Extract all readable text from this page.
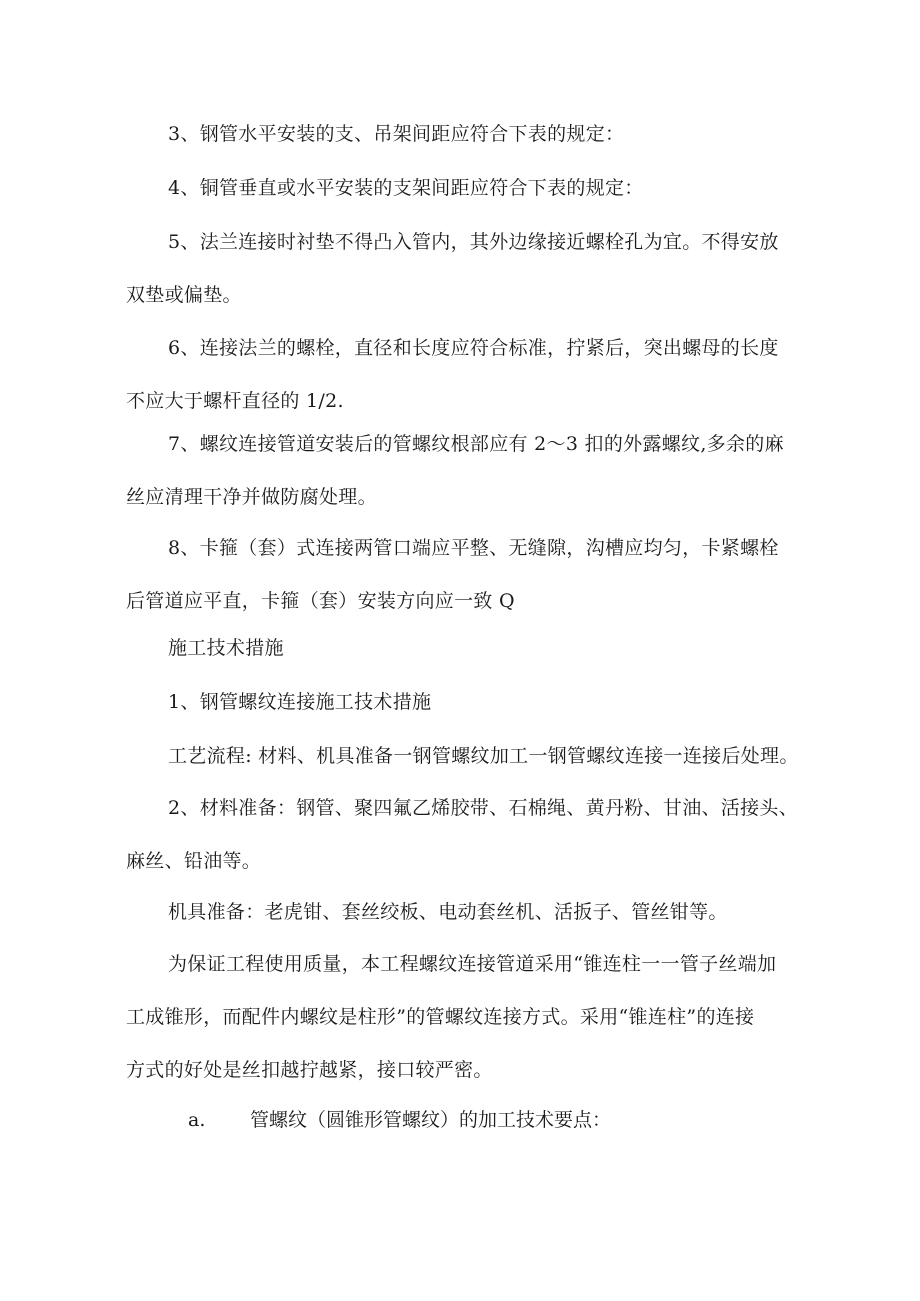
3、钢管水平安装的支、吊架间距应符合下表的规定：

4、铜管垂直或水平安装的支架间距应符合下表的规定：

5、法兰连接时衬垫不得凸入管内，其外边缘接近螺栓孔为宜。不得安放
双垫或偏垫。

6、连接法兰的螺栓，直径和长度应符合标准，拧紧后，突出螺母的长度
不应大于螺杆直径的 1/2.

7、螺纹连接管道安装后的管螺纹根部应有 2～3 扣的外露螺纹,多余的麻
丝应清理干净并做防腐处理。

8、卡箍（套）式连接两管口端应平整、无缝隙，沟槽应均匀，卡紧螺栓
后管道应平直，卡箍（套）安装方向应一致 Q

施工技术措施

1、钢管螺纹连接施工技术措施

工艺流程: 材料、机具准备一钢管螺纹加工一钢管螺纹连接一连接后处理。

2、材料准备：钢管、聚四氟乙烯胶带、石棉绳、黄丹粉、甘油、活接头、
麻丝、铅油等。

机具准备：老虎钳、套丝绞板、电动套丝机、活扳子、管丝钳等。

为保证工程使用质量，本工程螺纹连接管道采用“锥连柱一一管子丝端加
工成锥形，而配件内螺纹是柱形”的管螺纹连接方式。采用“锥连柱”的连接
方式的好处是丝扣越拧越紧，接口较严密。

a. 管螺纹（圆锥形管螺纹）的加工技术要点：
